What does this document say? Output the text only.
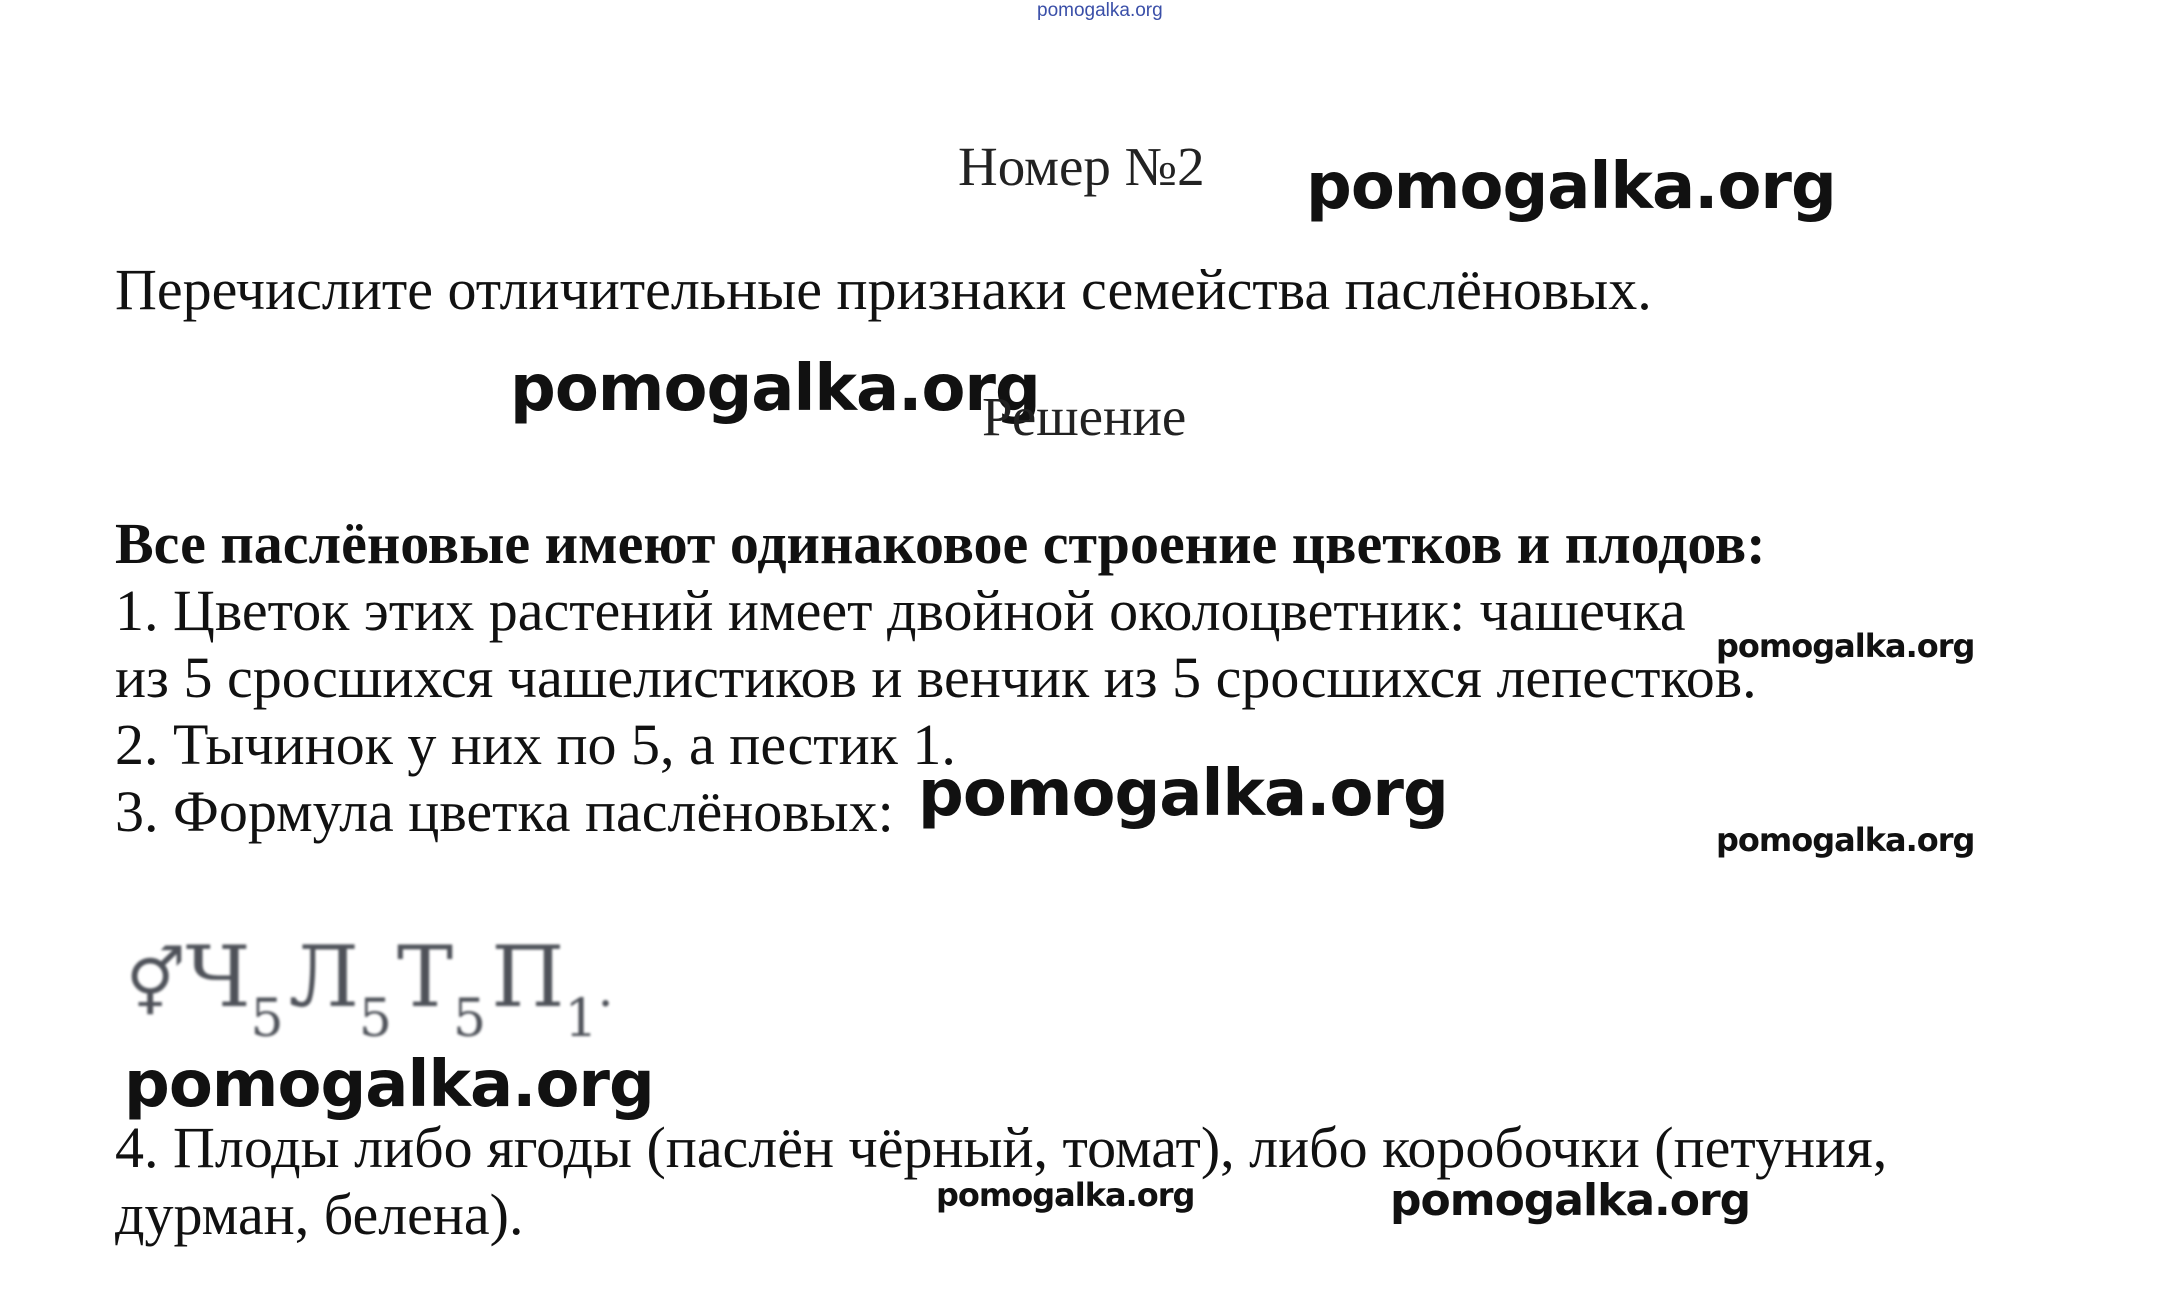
pomogalka.org
Номер №2 pomogalka.org
Перечислите отличительные признаки семейства паслёновых.
pomogalka.org
Решение
Все паслёновые имеют одинаковое строение цветков и плодов:
1. Цветок этих растений имеет двойной околоцветник: чашечка
pomogalka.org
из 5 сросшихся чашелистиков и венчик из 5 сросшихся лепестков.
2. Тычинок у них по 5, а пестик 1.
3. Формула цветка паслёновых: pomogalka.org
pomogalka.org
⚥Ч5 Л5 Т5 П1.
pomogalka.org
4. Плоды либо ягоды (паслён чёрный, томат), либо коробочки (петуния,
дурман, белена).	pomogalka.org	pomogalka.org
